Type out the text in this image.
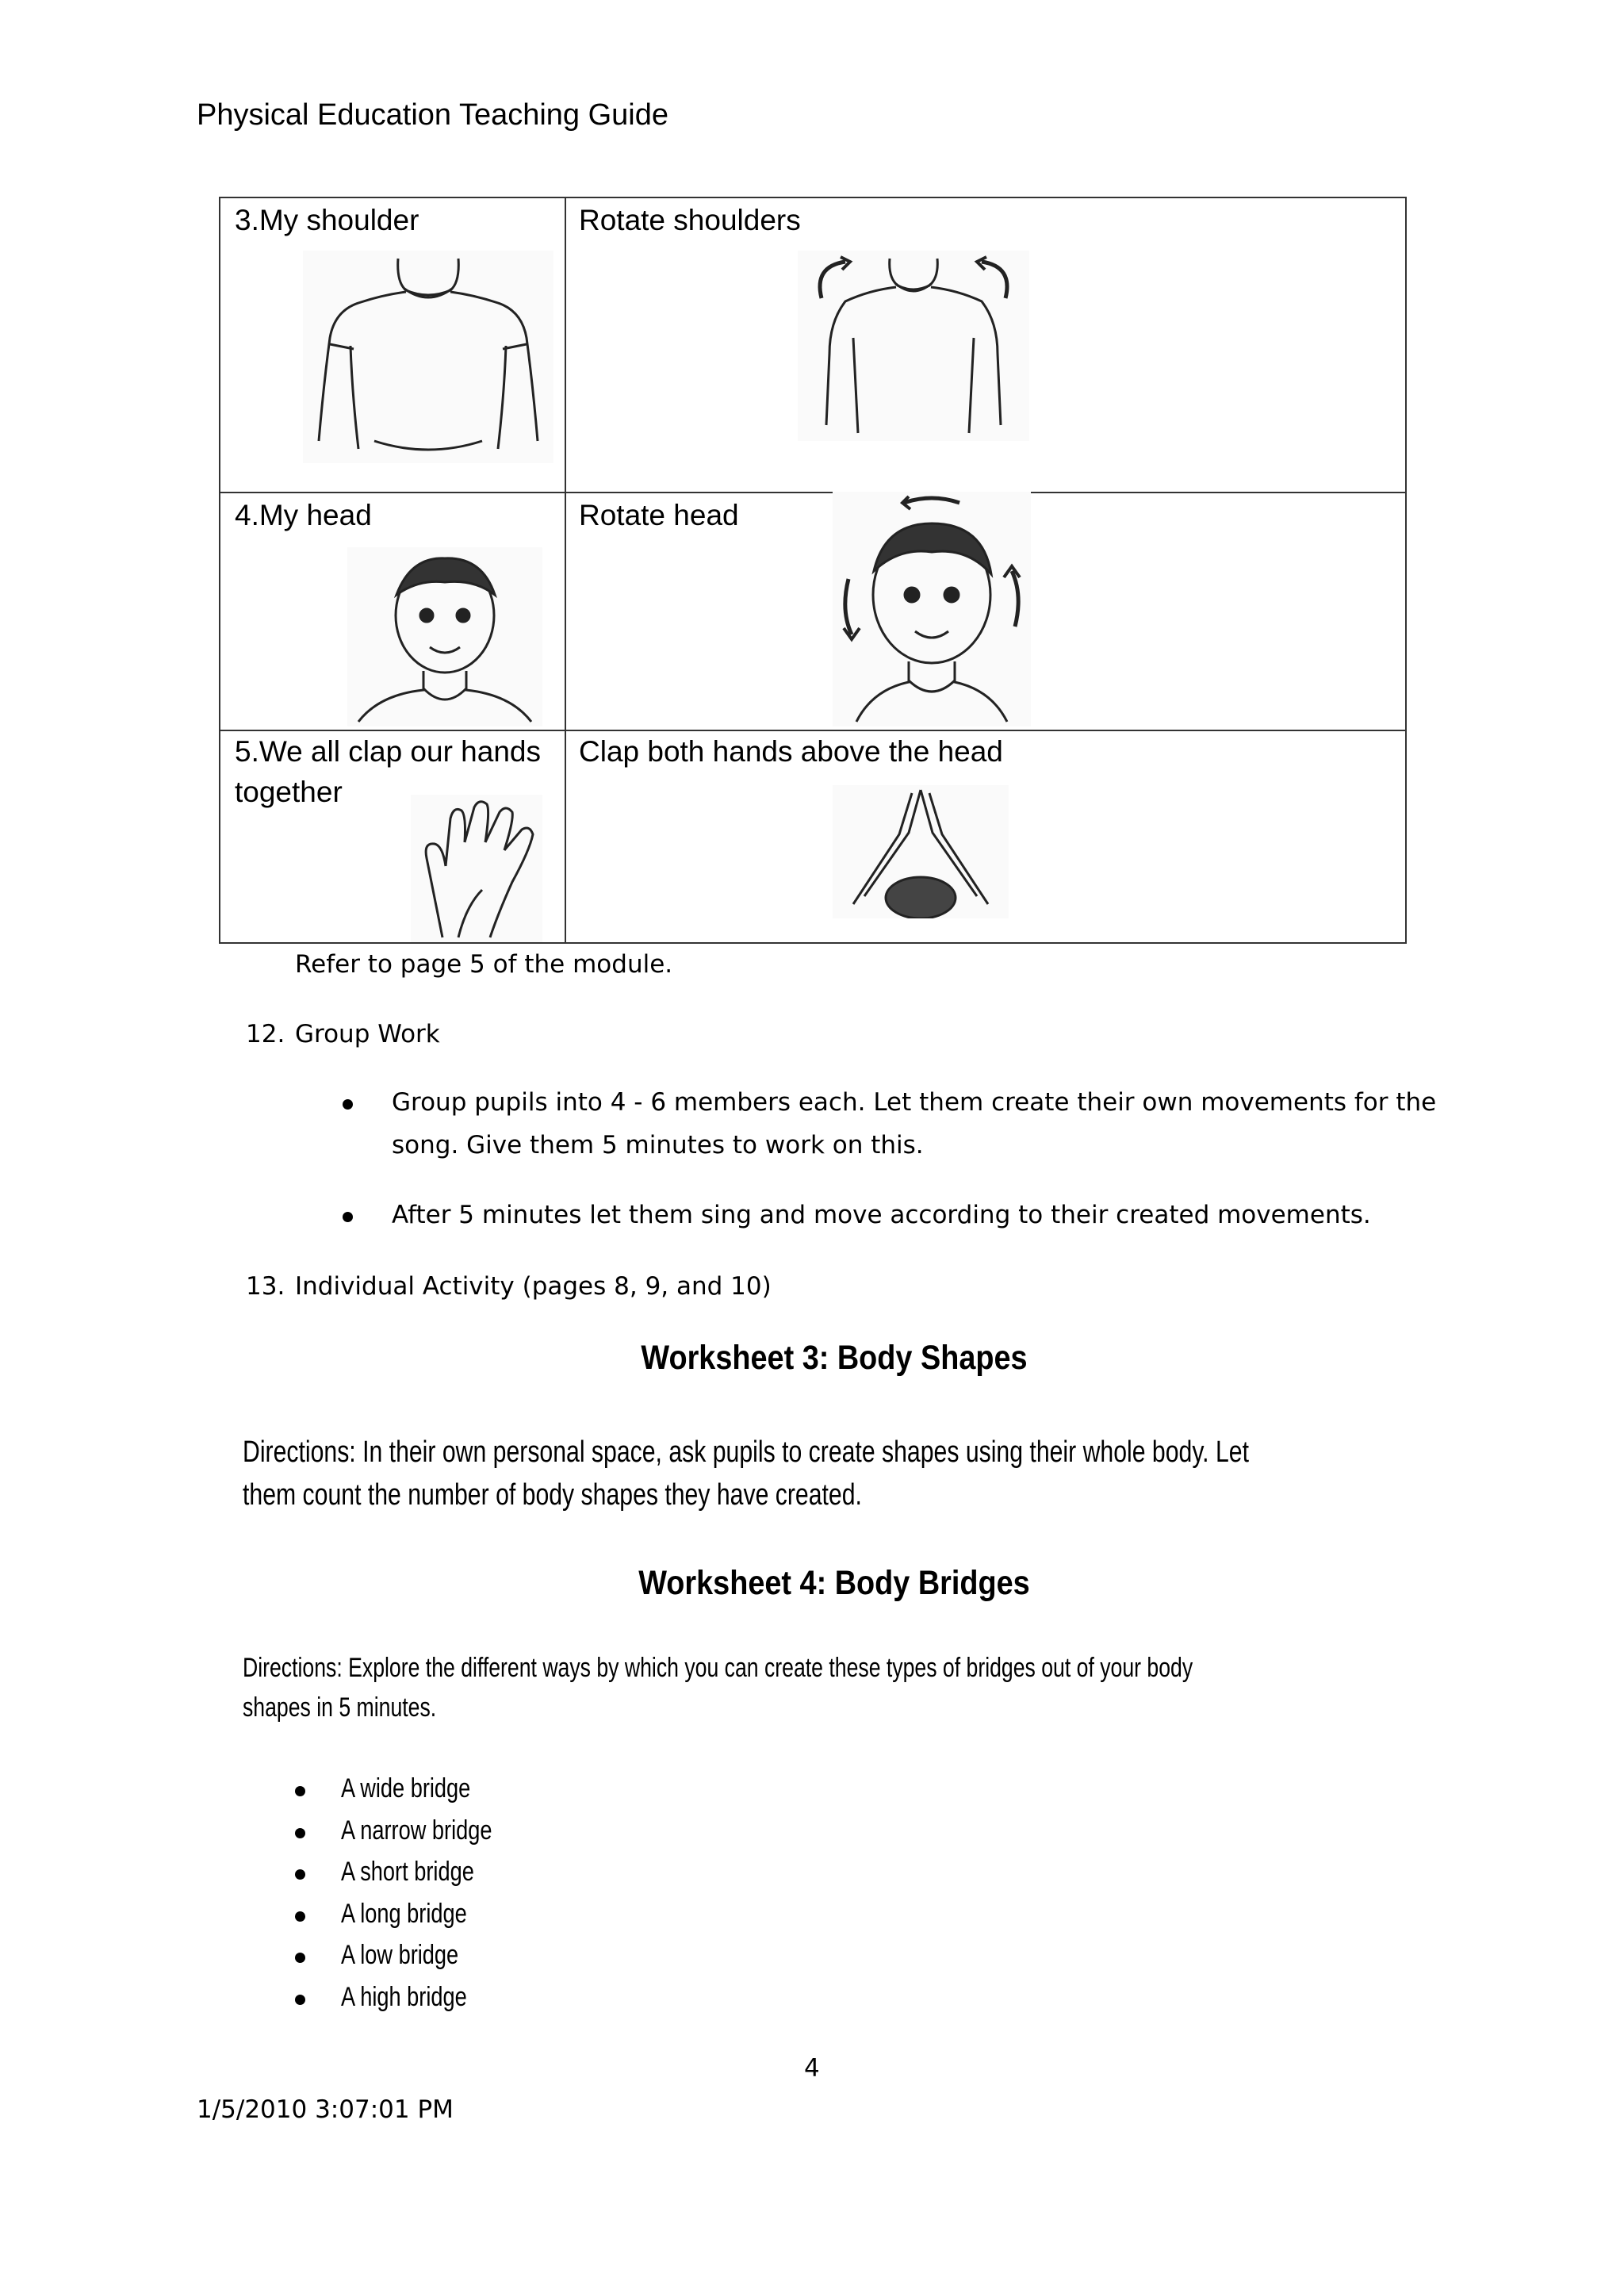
Physical Education Teaching Guide
3.My shoulder	Rotate shoulders
4.My head	Rotate head
5.We all clap our hands together
Clap both hands above the head
Refer to page 5 of the module.
12. Group Work
Group pupils into 4 - 6 members each. Let them create their own movements for the
song. Give them 5 minutes to work on this.
After 5 minutes let them sing and move according to their created movements.
13. Individual Activity (pages 8, 9, and 10)
Worksheet 3: Body Shapes
Directions: In their own personal space, ask pupils to create shapes using their whole body. Let
them count the number of body shapes they have created.
Worksheet 4: Body Bridges
Directions: Explore the different ways by which you can create these types of bridges out of your body
shapes in 5 minutes.
A wide bridge
A narrow bridge
A short bridge
A long bridge
A low bridge
A high bridge
4
1/5/2010 3:07:01 PM
